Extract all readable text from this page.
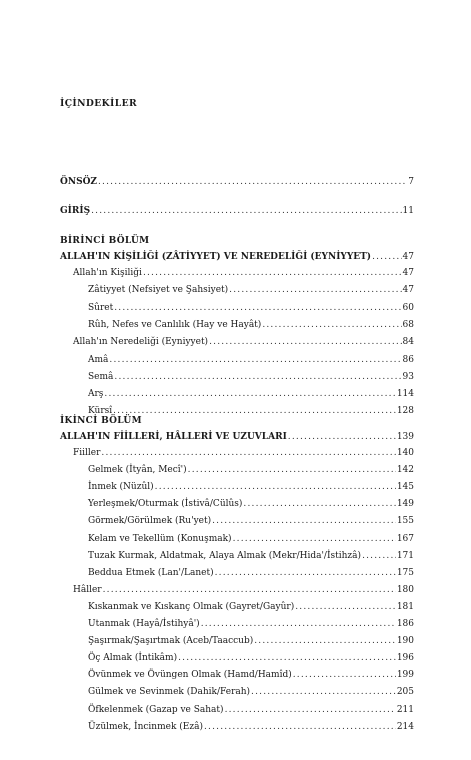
İÇİNDEKİLER
ÖNSÖZ .....	7
GİRİŞ .....	11
BİRİNCİ BÖLÜM
ALLAH'IN KİŞİLİĞİ (ZÂTİYYET) VE NEREDELİĞİ (EYNİYYET) .....	47
Allah'ın Kişiliği .....	47
Zâtiyyet (Nefsiyet ve Şahsiyet) .....	47
Sûret .....	60
Rûh, Nefes ve Canlılık (Hay ve Hayât) .....	68
Allah'ın Neredeliği (Eyniyyet) .....	84
Amâ .....	86
Semâ .....	93
Arş .....	114
Kürsî .....	128
İKİNCİ BÖLÜM
ALLAH'IN FİİLLERİ, HÂLLERİ VE UZUVLARI .....	139
Fiiller .....	140
Gelmek (İtyân, Mecî') .....	142
İnmek (Nüzûl) .....	145
Yerleşmek/Oturmak (İstivâ/Cülûs) .....	149
Görmek/Görülmek (Ru'yet) .....	155
Kelam ve Tekellüm (Konuşmak) .....	167
Tuzak Kurmak, Aldatmak, Alaya Almak (Mekr/Hida'/İstihzâ) .....	171
Beddua Etmek (Lan'/Lanet) .....	175
Hâller .....	180
Kıskanmak ve Kıskanç Olmak (Gayret/Gayûr) .....	181
Utanmak (Hayâ/İstihyâ') .....	186
Şaşırmak/Şaşırtmak (Aceb/Taaccub) .....	190
Öç Almak (İntikâm) .....	196
Övünmek ve Övüngen Olmak (Hamd/Hamîd) .....	199
Gülmek ve Sevinmek (Dahik/Ferah) .....	205
Öfkelenmek (Gazap ve Sahat) .....	211
Üzülmek, İncinmek (Ezâ) .....	214
